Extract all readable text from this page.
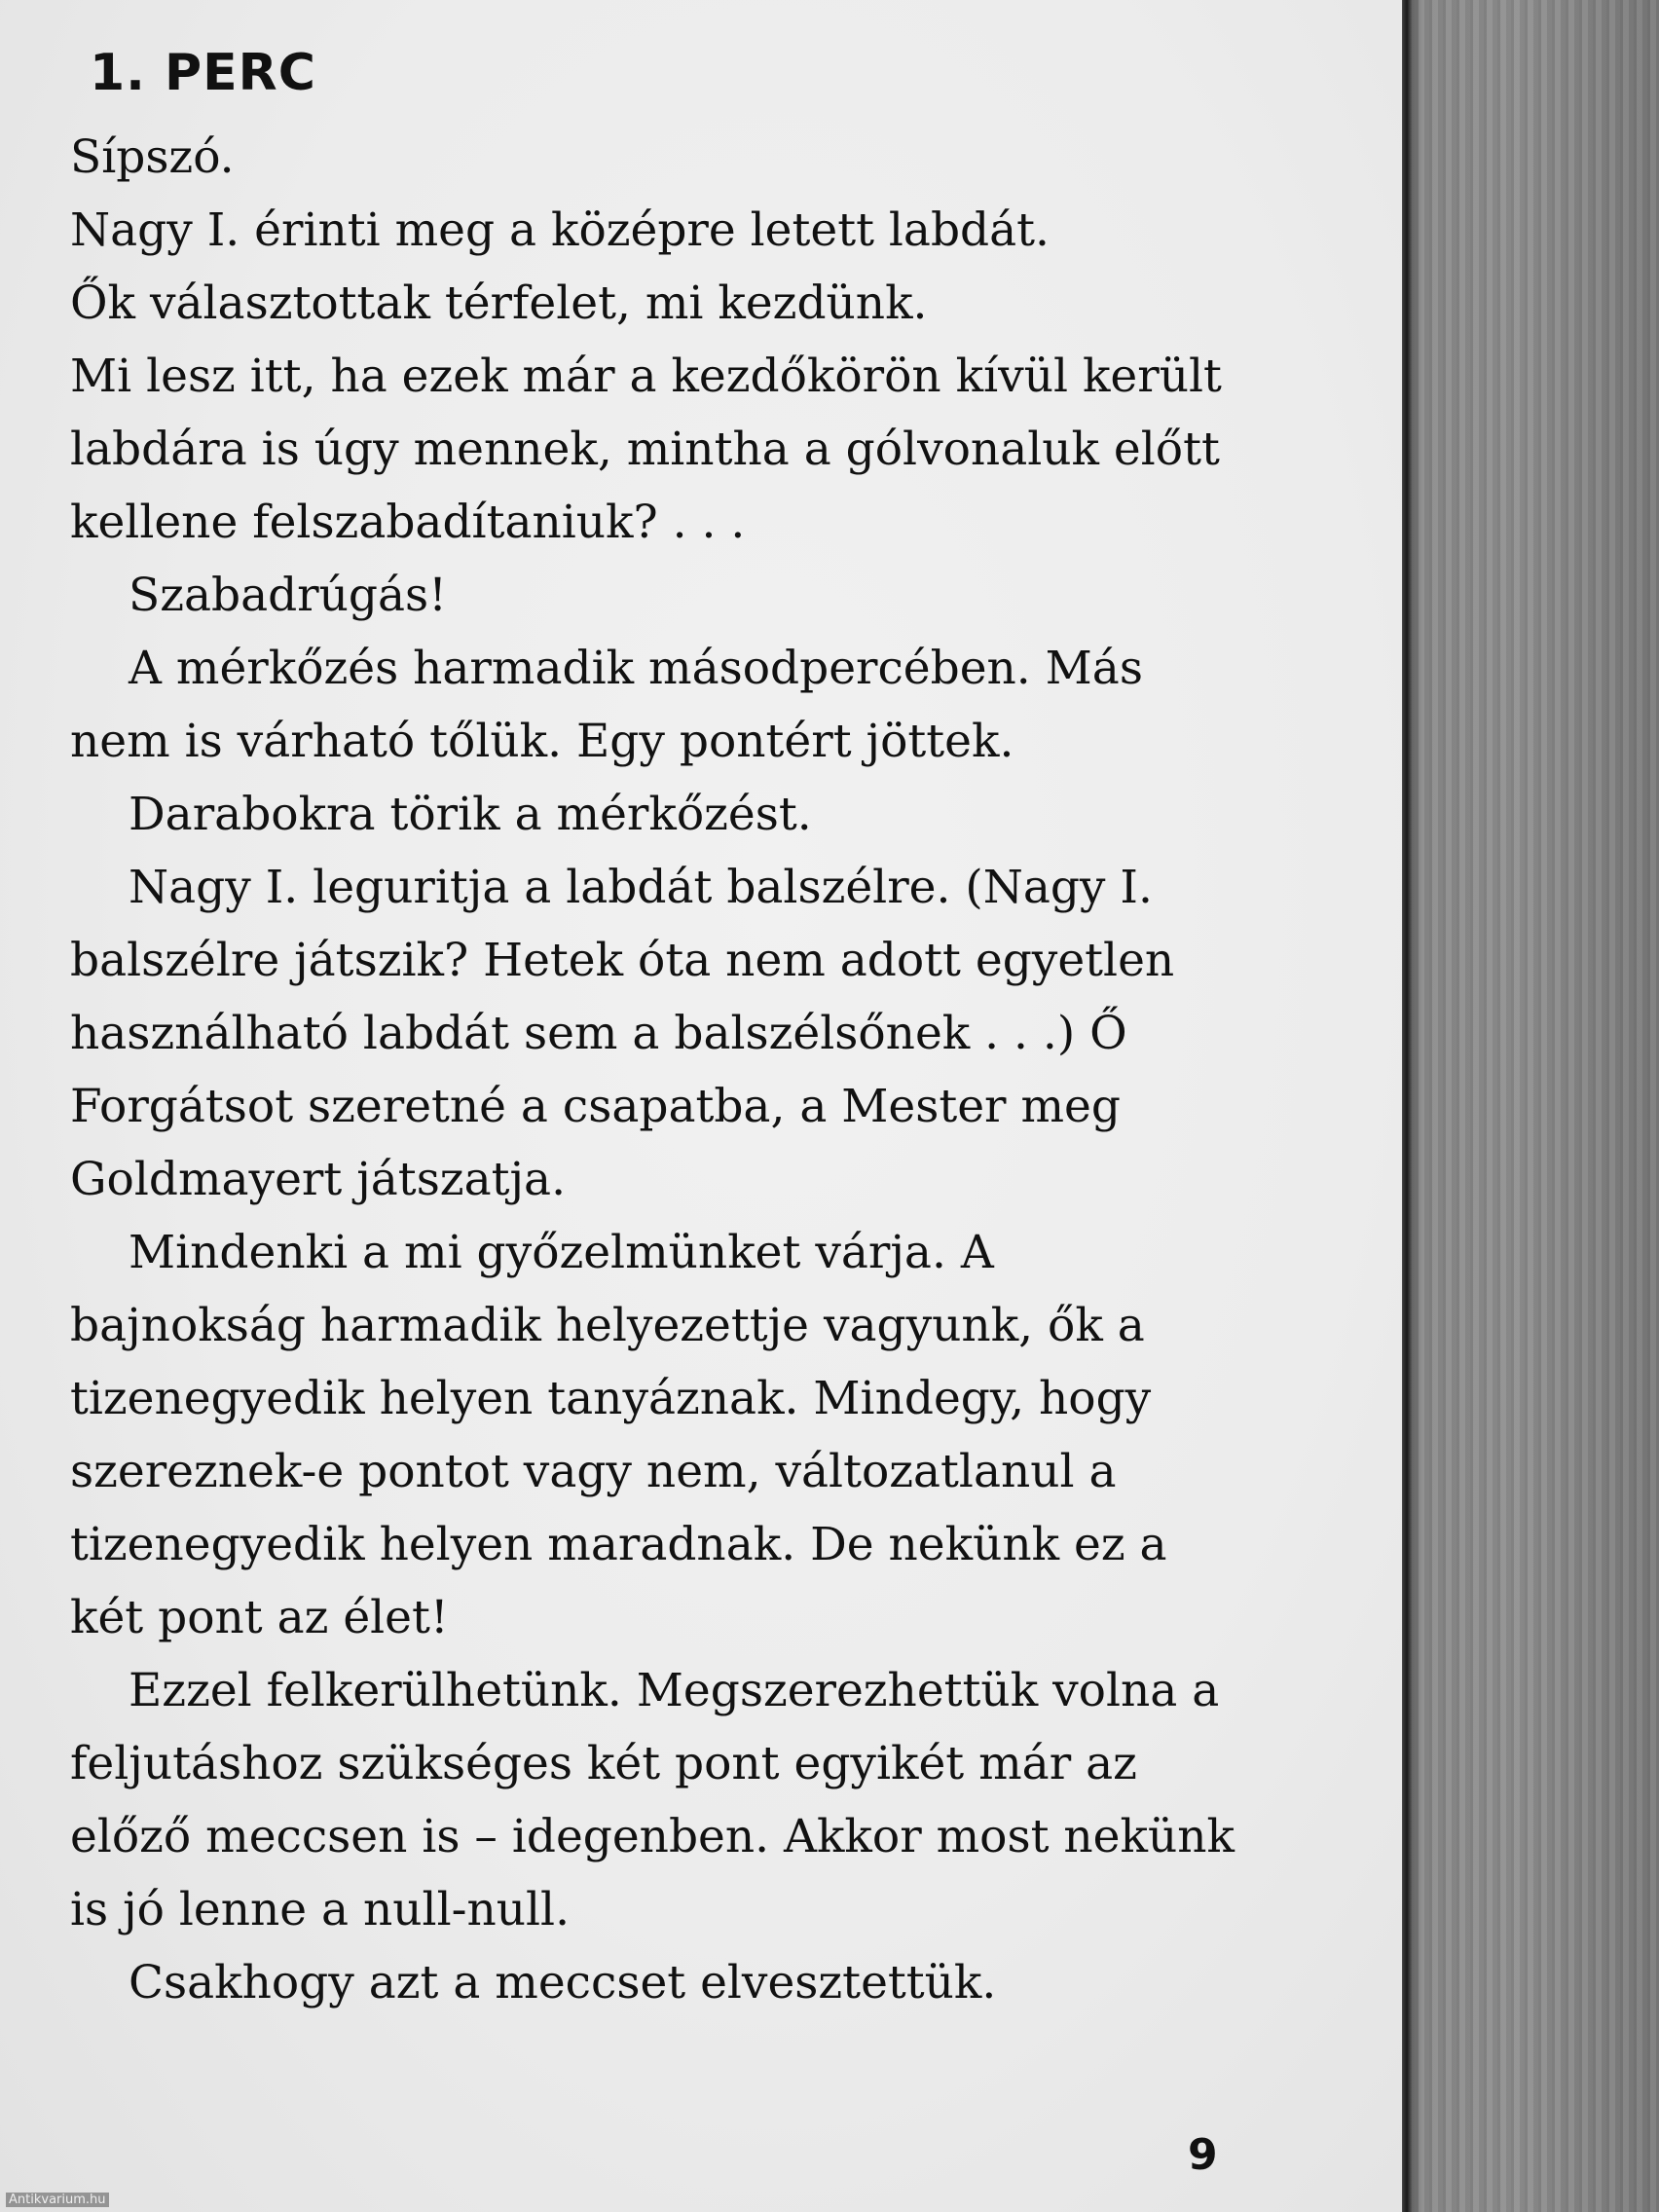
1. PERC

Sípszó.

Nagy I. érinti meg a középre letett labdát.

Ők választottak térfelet, mi kezdünk.

Mi lesz itt, ha ezek már a kezdőkörön kívül került labdára is úgy mennek, mintha a gólvonaluk előtt kellene felszabadítaniuk? . . .

Szabadrúgás!

A mérkőzés harmadik másodpercében. Más nem is várható tőlük. Egy pontért jöttek.

Darabokra törik a mérkőzést.

Nagy I. leguritja a labdát balszélre. (Nagy I. balszélre játszik? Hetek óta nem adott egyetlen használható labdát sem a balszélsőnek . . .) Ő Forgátsot szeretné a csapatba, a Mester meg Goldmayert játszatja.

Mindenki a mi győzelmünket várja. A bajnokság harmadik helyezettje vagyunk, ők a tizenegyedik helyen tanyáznak. Mindegy, hogy szereznek-e pontot vagy nem, változatlanul a tizenegyedik helyen maradnak. De nekünk ez a két pont az élet!

Ezzel felkerülhetünk. Megszerezhettük volna a feljutáshoz szükséges két pont egyikét már az előző meccsen is – idegenben. Akkor most nekünk is jó lenne a null-null.

Csakhogy azt a meccset elvesztettük.

9
Antikvarium.hu
